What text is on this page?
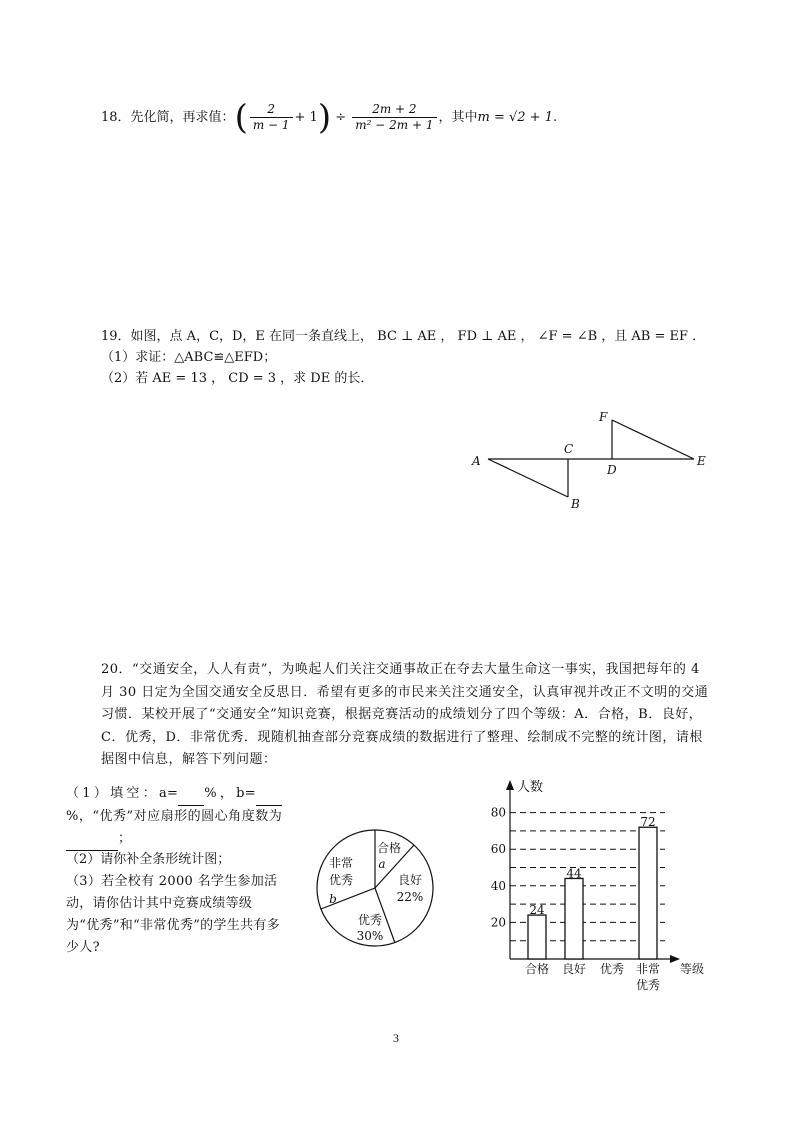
18．先化简，再求值：( $\frac{2}{m - 1} + 1) \div \frac{2m + 2}{\text{m² − 2m + 1}}$ ，其中m = √2 + 1.
19．如图，点 A，C，D，E 在同一条直线上， BC ⊥ AE ， FD ⊥ AE ， ∠F = ∠B ，且 AB = EF ．
（1）求证：△ABC≌△EFD；
（2）若 AE = 13 ， CD = 3 ，求 DE 的长．
A
C
D
E
F
B
20．“交通安全，人人有责”，为唤起人们关注交通事故正在夺去大量生命这一事实，我国把每年的 4 月 30 日定为全国交通安全反思日．希望有更多的市民来关注交通安全，认真审视并改正不文明的交通习惯．某校开展了“交通安全”知识竞赛，根据竞赛活动的成绩划分了四个等级：A．合格，B．良好，C．优秀，D．非常优秀．现随机抽查部分竞赛成绩的数据进行了整理、绘制成不完整的统计图，请根据图中信息，解答下列问题：
（1）填空：a= %，b= %，“优秀”对应扇形的圆心角度数为 ；
（2）请你补全条形统计图；
（3）若全校有 2000 名学生参加活动，请你估计其中竞赛成绩等级为“优秀”和“非常优秀”的学生共有多少人?
合格
a
良好
22%
优秀
30%
非常
优秀
b
20
40
60
80
人数
等级
24
合格
44
良好 优秀
72
非常
优秀
3
